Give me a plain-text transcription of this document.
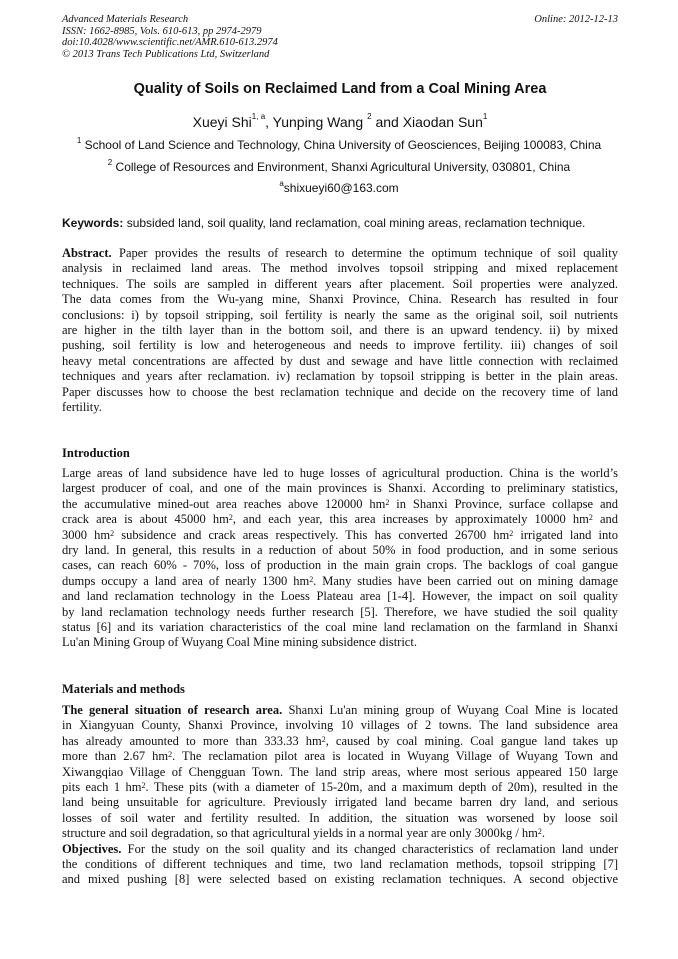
Advanced Materials Research
ISSN: 1662-8985, Vols. 610-613, pp 2974-2979
doi:10.4028/www.scientific.net/AMR.610-613.2974
© 2013 Trans Tech Publications Ltd, Switzerland
Online: 2012-12-13
Quality of Soils on Reclaimed Land from a Coal Mining Area
Xueyi Shi$^{1, a}$, Yunping Wang $^2$ and Xiaodan Sun$^1$
$^1$ School of Land Science and Technology, China University of Geosciences, Beijing 100083, China
$^2$ College of Resources and Environment, Shanxi Agricultural University, 030801, China
$^a$shixueyi60@163.com
Keywords: subsided land, soil quality, land reclamation, coal mining areas, reclamation technique.
Abstract. Paper provides the results of research to determine the optimum technique of soil quality
analysis in reclaimed land areas. The method involves topsoil stripping and mixed replacement
techniques. The soils are sampled in different years after placement. Soil properties were analyzed.
The data comes from the Wu-yang mine, Shanxi Province, China. Research has resulted in four
conclusions: i) by topsoil stripping, soil fertility is nearly the same as the original soil, soil nutrients
are higher in the tilth layer than in the bottom soil, and there is an upward tendency. ii) by mixed
pushing, soil fertility is low and heterogeneous and needs to improve fertility. iii) changes of soil
heavy metal concentrations are affected by dust and sewage and have little connection with reclaimed
techniques and years after reclamation. iv) reclamation by topsoil stripping is better in the plain areas.
Paper discusses how to choose the best reclamation technique and decide on the recovery time of land
fertility.
Introduction
Large areas of land subsidence have led to huge losses of agricultural production. China is the world’s
largest producer of coal, and one of the main provinces is Shanxi. According to preliminary statistics,
the accumulative mined-out area reaches above 120000 $hm^2$ in Shanxi Province, surface collapse and
crack area is about 45000 $hm^2$, and each year, this area increases by approximately 10000 $hm^2$ and
3000 $hm^2$ subsidence and crack areas respectively. This has converted 26700 $hm^2$ irrigated land into
dry land. In general, this results in a reduction of about 50% in food production, and in some serious
cases, can reach 60% - 70%, loss of production in the main grain crops. The backlogs of coal gangue
dumps occupy a land area of nearly 1300 $hm^2$. Many studies have been carried out on mining damage
and land reclamation technology in the Loess Plateau area [1-4]. However, the impact on soil quality
by land reclamation technology needs further research [5]. Therefore, we have studied the soil quality
status [6] and its variation characteristics of the coal mine land reclamation on the farmland in Shanxi
Lu'an Mining Group of Wuyang Coal Mine mining subsidence district.
Materials and methods
The general situation of research area. Shanxi Lu'an mining group of Wuyang Coal Mine is located
in Xiangyuan County, Shanxi Province, involving 10 villages of 2 towns. The land subsidence area
has already amounted to more than 333.33 $hm^2$, caused by coal mining. Coal gangue land takes up
more than 2.67 $hm^2$. The reclamation pilot area is located in Wuyang Village of Wuyang Town and
Xiwangqiao Village of Chengguan Town. The land strip areas, where most serious appeared 150 large
pits each 1 $hm^2$. These pits (with a diameter of 15-20m, and a maximum depth of 20m), resulted in the
land being unsuitable for agriculture. Previously irrigated land became barren dry land, and serious
losses of soil water and fertility resulted. In addition, the situation was worsened by loose soil
structure and soil degradation, so that agricultural yields in a normal year are only $3000kg / hm^2$.
Objectives. For the study on the soil quality and its changed characteristics of reclamation land under
the conditions of different techniques and time, two land reclamation methods, topsoil stripping [7]
and mixed pushing [8] were selected based on existing reclamation techniques. A second objective
